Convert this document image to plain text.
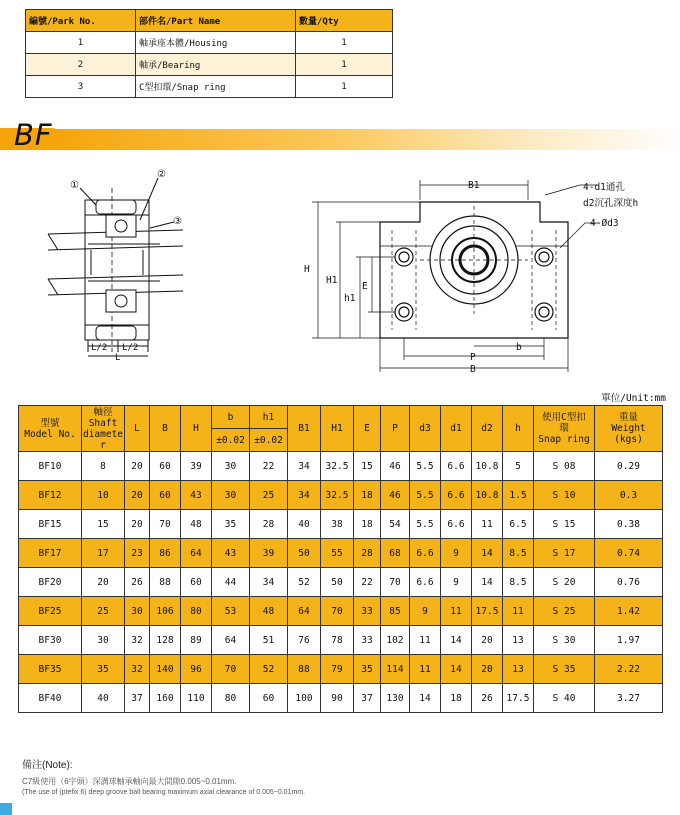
編號/Park No.	部件名/Part Name	數量/Qty
1	軸承座本體/Housing	1
2	軸承/Bearing	1
3	C型扣環/Snap ring	1
BF
①
②
③
L/2 L/2
L
B1
H
H1
E
h1
b
P
B
4-d1通孔
d2沉孔深度h
4-Ød3
單位/Unit:mm
型號
Model No.	軸徑
Shaft
diamete
r	L	B	H	b	h1	B1	H1	E	P	d3	d1	d2	h	使用C型扣
環
Snap ring	重量
Weight
(kgs)
					±0.02	±0.02										
BF10	8	20	60	39	30	22	34	32.5	15	46	5.5	6.6	10.8	5	S 08	0.29
BF12	10	20	60	43	30	25	34	32.5	18	46	5.5	6.6	10.8	1.5	S 10	0.3
BF15	15	20	70	48	35	28	40	38	18	54	5.5	6.6	11	6.5	S 15	0.38
BF17	17	23	86	64	43	39	50	55	28	68	6.6	9	14	8.5	S 17	0.74
BF20	20	26	88	60	44	34	52	50	22	70	6.6	9	14	8.5	S 20	0.76
BF25	25	30	106	80	53	48	64	70	33	85	9	11	17.5	11	S 25	1.42
BF30	30	32	128	89	64	51	76	78	33	102	11	14	20	13	S 30	1.97
BF35	35	32	140	96	70	52	88	79	35	114	11	14	20	13	S 35	2.22
BF40	40	37	160	110	80	60	100	90	37	130	14	18	26	17.5	S 40	3.27
備注(Note):
C7級使用（6字頭）深溝球軸承軸向最大間隙0.005~0.01mm.
(The use of (ptefix 6) deep groove ball bearing maximum axial clearance of 0.005~0.01mm.
